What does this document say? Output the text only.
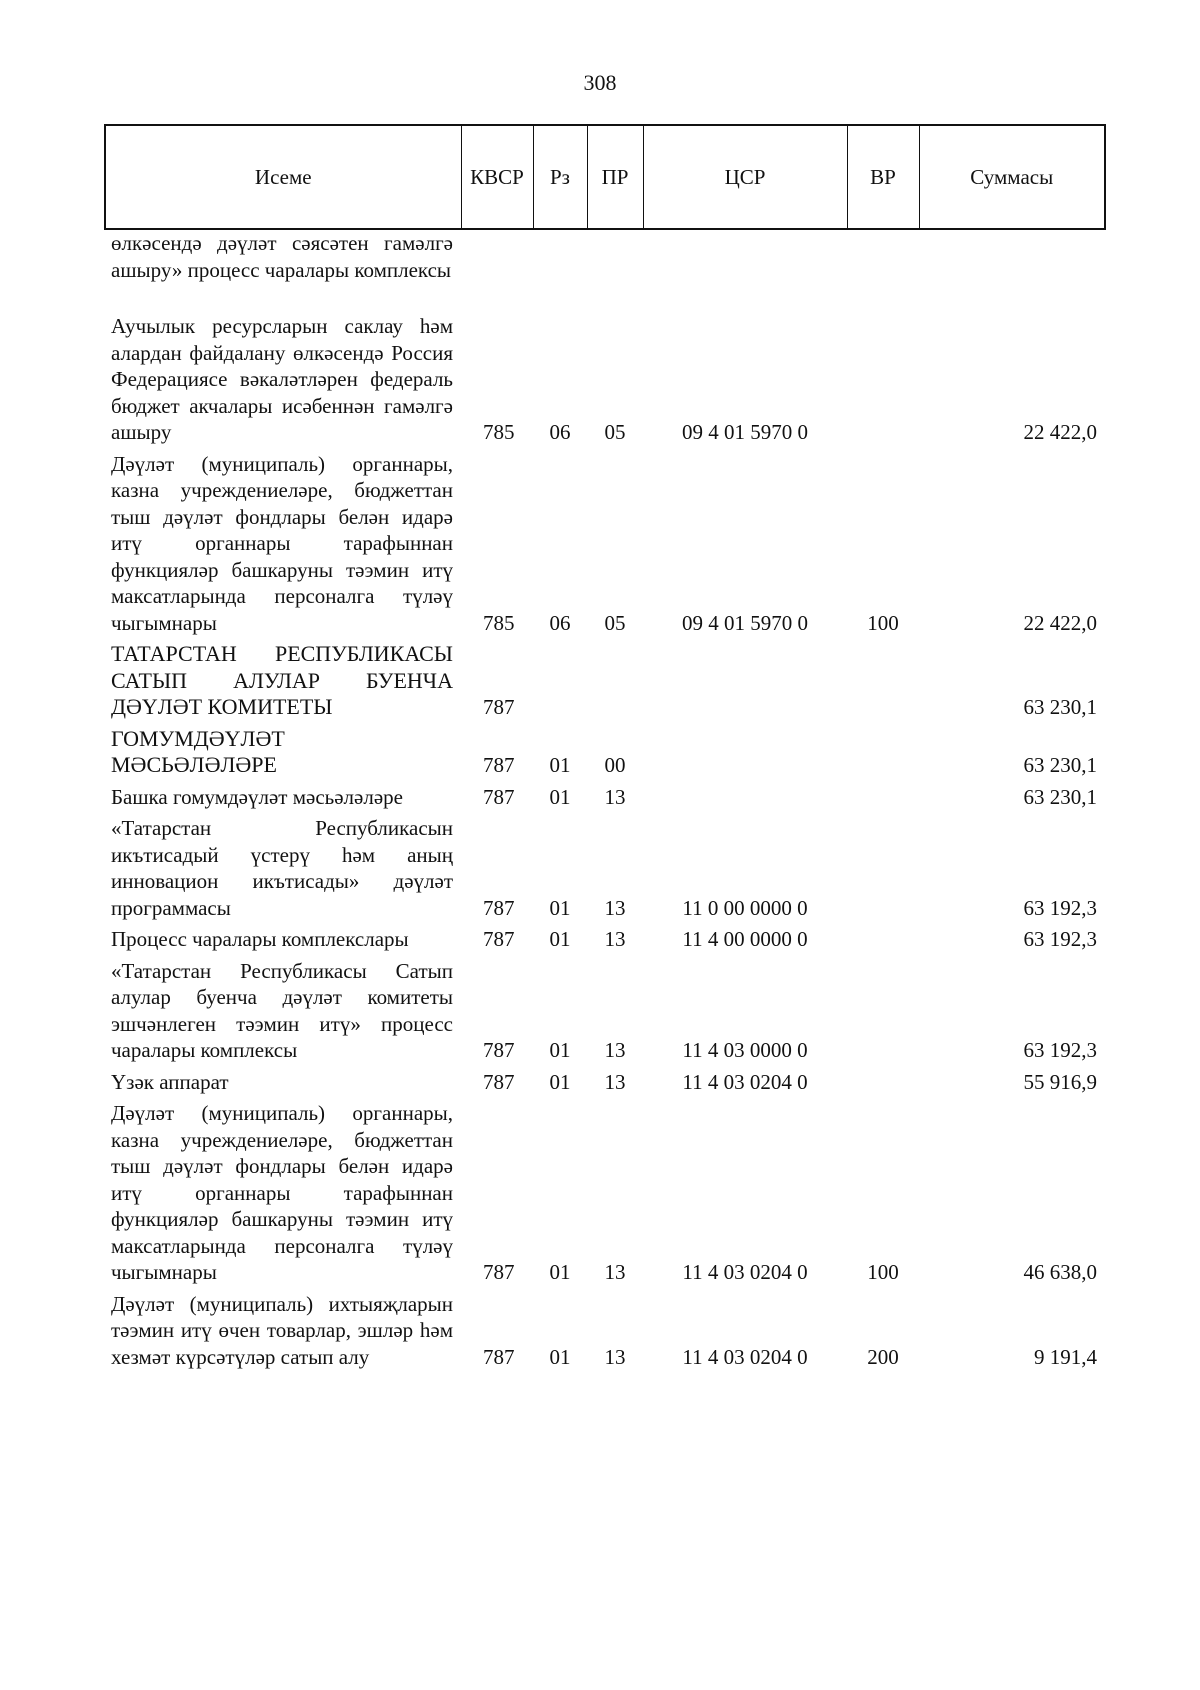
308
Исеме	КВСР	Рз	ПР	ЦСР	ВР	Суммасы

өлкәсендә дәүләт сәясәтен гамәлгә ашыру» процесс чаралары комплексы						

Аучылык ресурсларын саклау һәм алардан файдалану өлкәсендә Россия Федерациясе вәкаләтләрен федераль бюджет акчалары исәбеннән гамәлгә ашыру	785	06	05	09 4 01 5970 0		22 422,0

Дәүләт (муниципаль) органнары, казна учреждениеләре, бюджеттан тыш дәүләт фондлары белән идарә итү органнары тарафыннан функцияләр башкаруны тәэмин итү максатларында персоналга түләү чыгымнары	785	06	05	09 4 01 5970 0	100	22 422,0

ТАТАРСТАН РЕСПУБЛИКАСЫ САТЫП АЛУЛАР БУЕНЧА ДӘҮЛӘТ КОМИТЕТЫ	787					63 230,1

ГОМУМДӘҮЛӘТ МӘСЬӘЛӘЛӘРЕ	787	01	00			63 230,1

Башка гомумдәүләт мәсьәләләре	787	01	13			63 230,1

«Татарстан Республикасын икътисадый үстерү һәм аның инновацион икътисады» дәүләт программасы	787	01	13	11 0 00 0000 0		63 192,3

Процесс чаралары комплекслары	787	01	13	11 4 00 0000 0		63 192,3

«Татарстан Республикасы Сатып алулар буенча дәүләт комитеты эшчәнлеген тәэмин итү» процесс чаралары комплексы	787	01	13	11 4 03 0000 0		63 192,3

Үзәк аппарат	787	01	13	11 4 03 0204 0		55 916,9

Дәүләт (муниципаль) органнары, казна учреждениеләре, бюджеттан тыш дәүләт фондлары белән идарә итү органнары тарафыннан функцияләр башкаруны тәэмин итү максатларында персоналга түләү чыгымнары	787	01	13	11 4 03 0204 0	100	46 638,0

Дәүләт (муниципаль) ихтыяҗларын тәэмин итү өчен товарлар, эшләр һәм хезмәт күрсәтүләр сатып алу	787	01	13	11 4 03 0204 0	200	9 191,4
